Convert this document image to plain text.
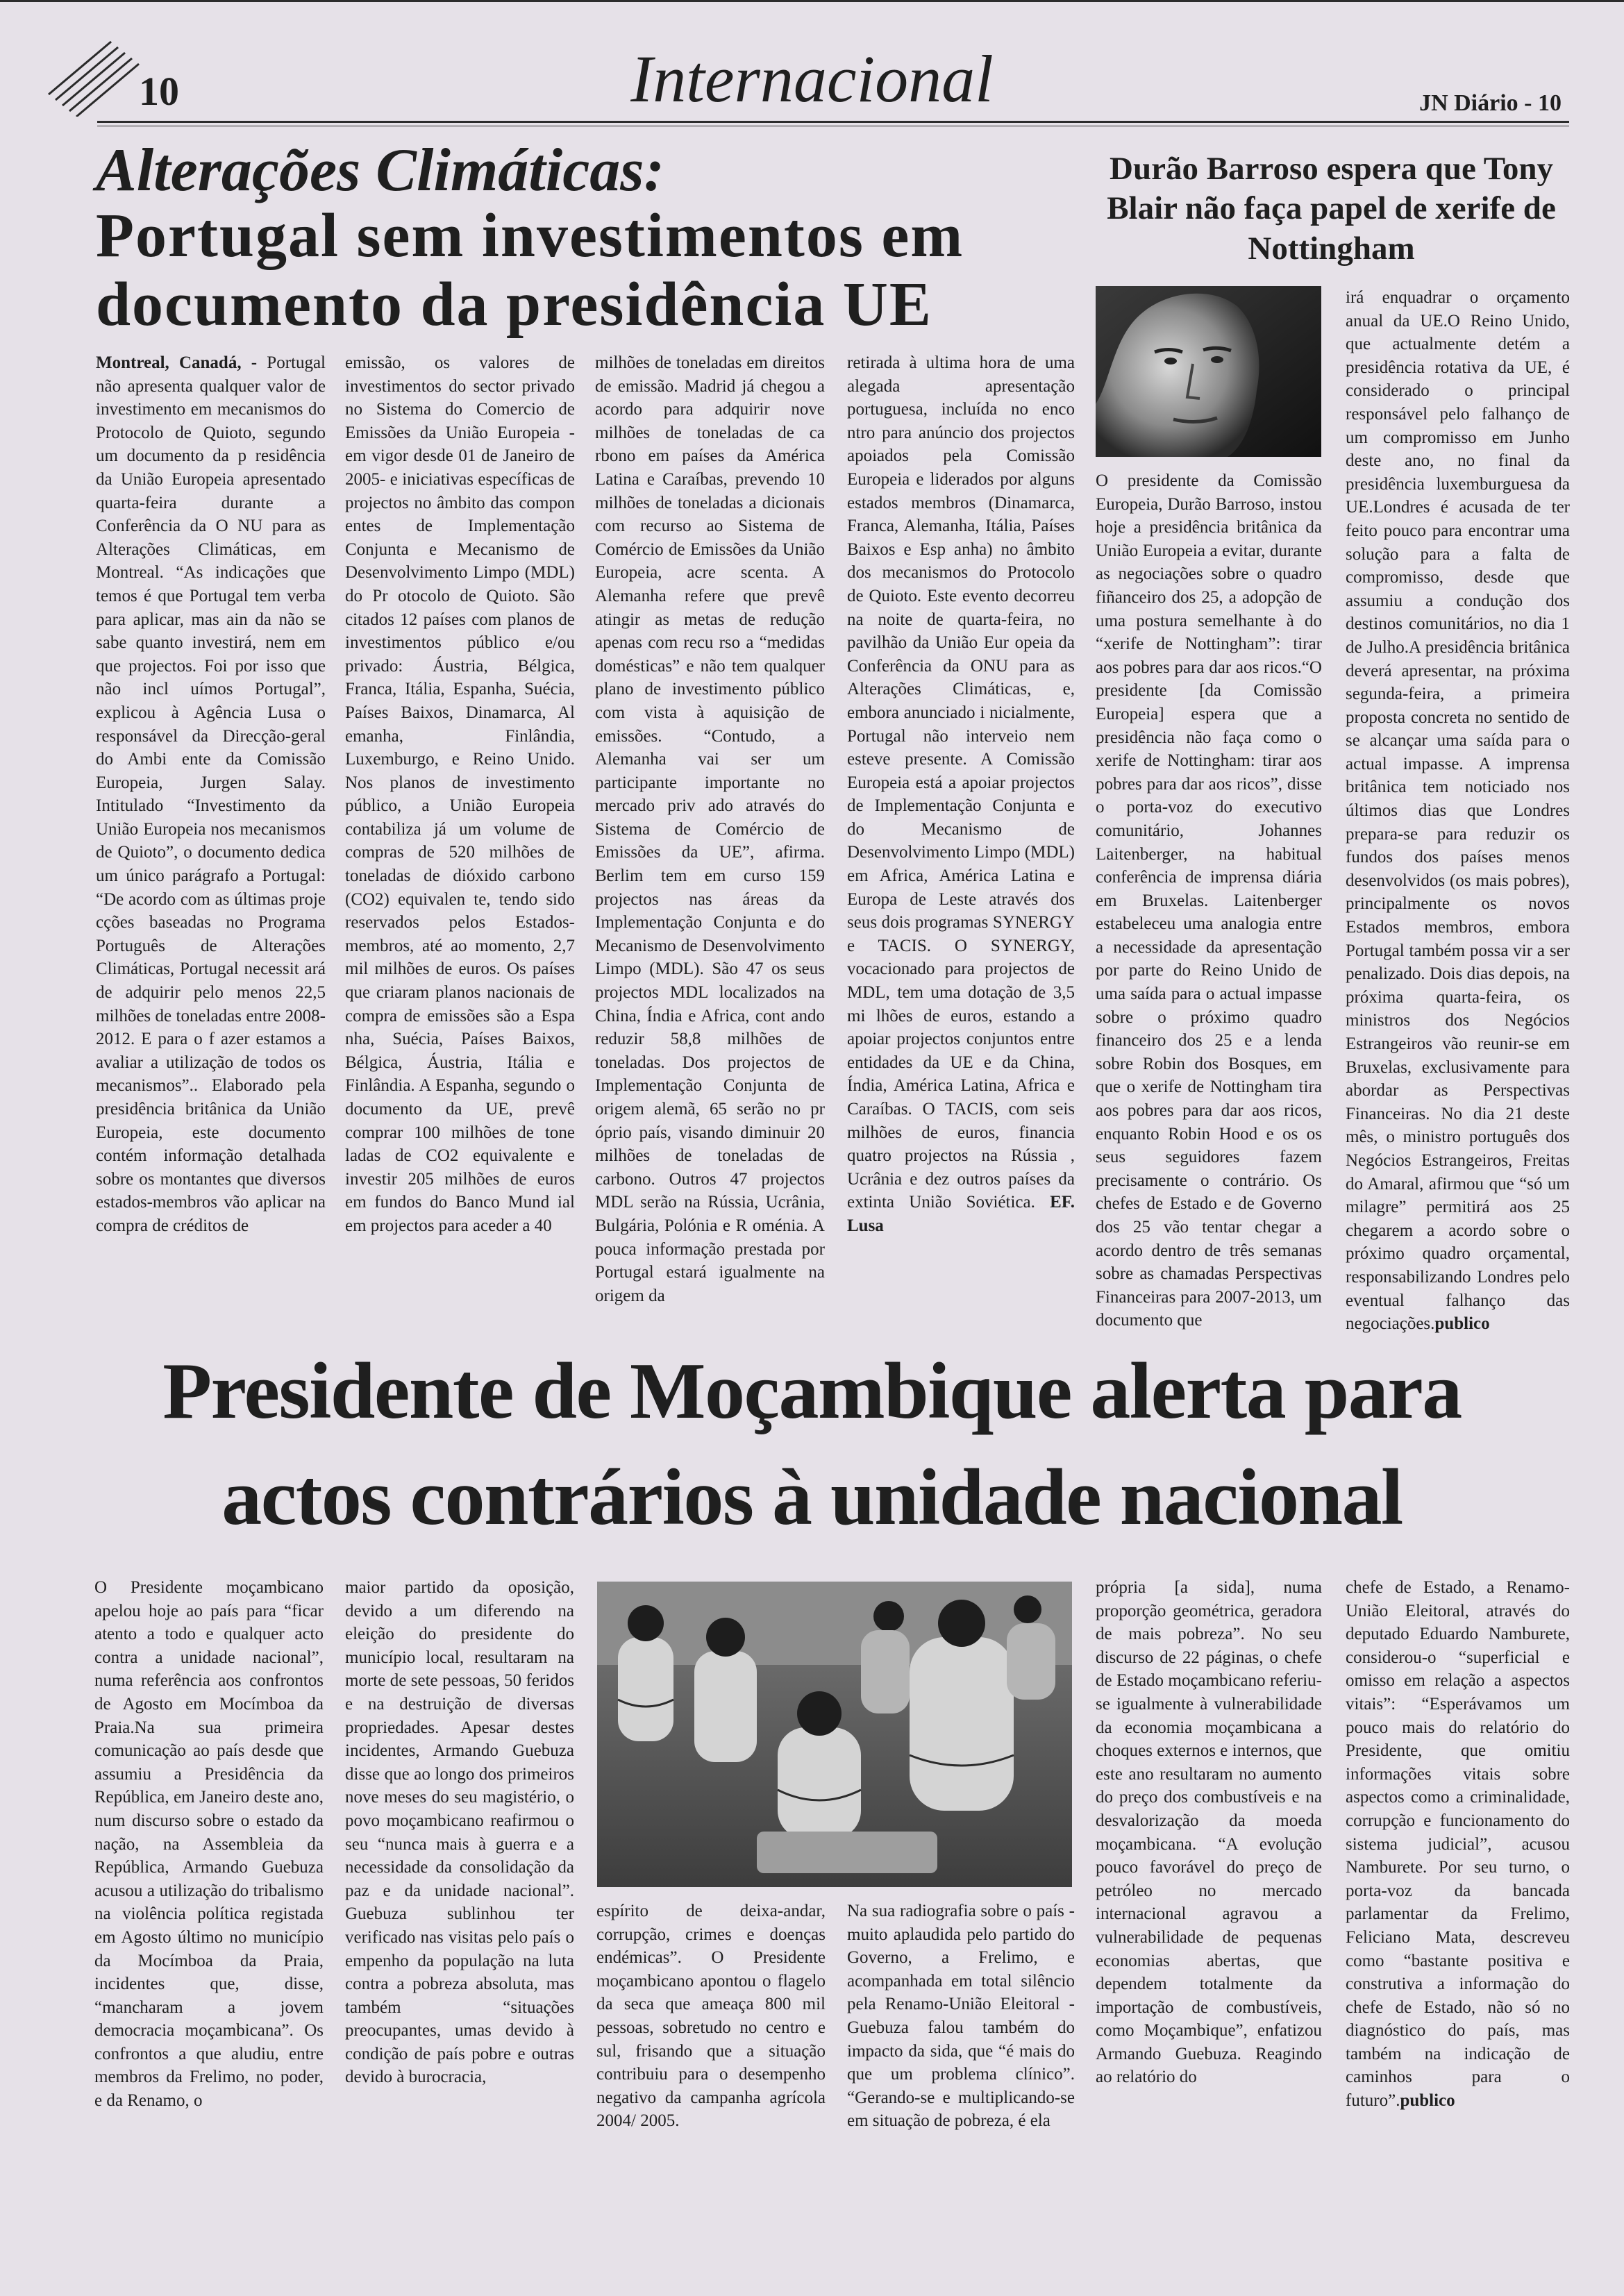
10	Internacional	JN Diário - 10
Alterações Climáticas:
Portugal sem investimentos em documento da presidência UE

Montreal, Canadá, - Portugal não apresenta qualquer valor de investimento em mecanismos do Protocolo de Quioto, segundo um documento da p residência da União Europeia apresentado quarta-feira durante a Conferência da O NU para as Alterações Climáticas, em Montreal. “As indicações que temos é que Portugal tem verba para aplicar, mas ain da não se sabe quanto investirá, nem em que projectos. Foi por isso que não incl uímos Portugal”, explicou à Agência Lusa o responsável da Direcção-geral do Ambi ente da Comissão Europeia, Jurgen Salay. Intitulado “Investimento da União Europeia nos mecanismos de Quioto”, o documento dedica um único parágrafo a Portugal: “De acordo com as últimas proje cções baseadas no Programa Português de Alterações Climáticas, Portugal necessit ará de adquirir pelo menos 22,5 milhões de toneladas entre 2008-2012. E para o f azer estamos a avaliar a utilização de todos os mecanismos”.. Elaborado pela presidência britânica da União Europeia, este documento contém informação detalhada sobre os montantes que diversos estados-membros vão aplicar na compra de créditos de

emissão, os valores de investimentos do sector privado no Sistema do Comercio de Emissões da União Europeia - em vigor desde 01 de Janeiro de 2005- e iniciativas específicas de projectos no âmbito das compon entes de Implementação Conjunta e Mecanismo de Desenvolvimento Limpo (MDL) do Pr otocolo de Quioto. São citados 12 países com planos de investimentos público e/ou privado: Áustria, Bélgica, Franca, Itália, Espanha, Suécia, Países Baixos, Dinamarca, Al emanha, Finlândia, Luxemburgo, e Reino Unido. Nos planos de investimento público, a União Europeia contabiliza já um volume de compras de 520 milhões de toneladas de dióxido carbono (CO2) equivalen te, tendo sido reservados pelos Estados-membros, até ao momento, 2,7 mil milhões de euros. Os países que criaram planos nacionais de compra de emissões são a Espa nha, Suécia, Países Baixos, Bélgica, Áustria, Itália e Finlândia. A Espanha, segundo o documento da UE, prevê comprar 100 milhões de tone ladas de CO2 equivalente e investir 205 milhões de euros em fundos do Banco Mund ial em projectos para aceder a 40

milhões de toneladas em direitos de emissão. Madrid já chegou a acordo para adquirir nove milhões de toneladas de ca rbono em países da América Latina e Caraíbas, prevendo 10 milhões de toneladas a dicionais com recurso ao Sistema de Comércio de Emissões da União Europeia, acre scenta. A Alemanha refere que prevê atingir as metas de redução apenas com recu rso a “medidas domésticas” e não tem qualquer plano de investimento público com vista à aquisição de emissões. “Contudo, a Alemanha vai ser um participante importante no mercado priv ado através do Sistema de Comércio de Emissões da UE”, afirma. Berlim tem em curso 159 projectos nas áreas da Implementação Conjunta e do Mecanismo de Desenvolvimento Limpo (MDL). São 47 os seus projectos MDL localizados na China, Índia e Africa, cont ando reduzir 58,8 milhões de toneladas. Dos projectos de Implementação Conjunta de origem alemã, 65 serão no pr óprio país, visando diminuir 20 milhões de toneladas de carbono. Outros 47 projectos MDL serão na Rússia, Ucrânia, Bulgária, Polónia e R oménia. A pouca informação prestada por Portugal estará igualmente na origem da

retirada à ultima hora de uma alegada apresentação portuguesa, incluída no enco ntro para anúncio dos projectos apoiados pela Comissão Europeia e liderados por alguns estados membros (Dinamarca, Franca, Alemanha, Itália, Países Baixos e Esp anha) no âmbito dos mecanismos do Protocolo de Quioto. Este evento decorreu na noite de quarta-feira, no pavilhão da União Eur opeia da Conferência da ONU para as Alterações Climáticas, e, embora anunciado i nicialmente, Portugal não interveio nem esteve presente. A Comissão Europeia está a apoiar projectos de Implementação Conjunta e do Mecanismo de Desenvolvimento Limpo (MDL) em Africa, América Latina e Europa de Leste através dos seus dois programas SYNERGY e TACIS. O SYNERGY, vocacionado para projectos de MDL, tem uma dotação de 3,5 mi lhões de euros, estando a apoiar projectos conjuntos entre entidades da UE e da China, Índia, América Latina, Africa e Caraíbas. O TACIS, com seis milhões de euros, financia quatro projectos na Rússia , Ucrânia e dez outros países da extinta União Soviética. EF. Lusa

Durão Barroso espera que Tony Blair não faça papel de xerife de Nottingham

O presidente da Comissão Europeia, Durão Barroso, instou hoje a presidência britânica da União Europeia a evitar, durante as negociações sobre o quadro fiñanceiro dos 25, a adopção de uma postura semelhante à do “xerife de Nottingham”: tirar aos pobres para dar aos ricos.“O presidente [da Comissão Europeia] espera que a presidência não faça como o xerife de Nottingham: tirar aos pobres para dar aos ricos”, disse o porta-voz do executivo comunitário, Johannes Laitenberger, na habitual conferência de imprensa diária em Bruxelas. Laitenberger estabeleceu uma analogia entre a necessidade da apresentação por parte do Reino Unido de uma saída para o actual impasse sobre o próximo quadro financeiro dos 25 e a lenda sobre Robin dos Bosques, em que o xerife de Nottingham tira aos pobres para dar aos ricos, enquanto Robin Hood e os os seus seguidores fazem precisamente o contrário. Os chefes de Estado e de Governo dos 25 vão tentar chegar a acordo dentro de três semanas sobre as chamadas Perspectivas Financeiras para 2007-2013, um documento que

irá enquadrar o orçamento anual da UE.O Reino Unido, que actualmente detém a presidência rotativa da UE, é considerado o principal responsável pelo falhanço de um compromisso em Junho deste ano, no final da presidência luxemburguesa da UE.Londres é acusada de ter feito pouco para encontrar uma solução para a falta de compromisso, desde que assumiu a condução dos destinos comunitários, no dia 1 de Julho.A presidência britânica deverá apresentar, na próxima segunda-feira, a primeira proposta concreta no sentido de se alcançar uma saída para o actual impasse. A imprensa britânica tem noticiado nos últimos dias que Londres prepara-se para reduzir os fundos dos países menos desenvolvidos (os mais pobres), principalmente os novos Estados membros, embora Portugal também possa vir a ser penalizado. Dois dias depois, na próxima quarta-feira, os ministros dos Negócios Estrangeiros vão reunir-se em Bruxelas, exclusivamente para abordar as Perspectivas Financeiras. No dia 21 deste mês, o ministro português dos Negócios Estrangeiros, Freitas do Amaral, afirmou que “só um milagre” permitirá aos 25 chegarem a acordo sobre o próximo quadro orçamental, responsabilizando Londres pelo eventual falhanço das negociações.publico

Presidente de Moçambique alerta para
actos contrários à unidade nacional

O Presidente moçambicano apelou hoje ao país para “ficar atento a todo e qualquer acto contra a unidade nacional”, numa referência aos confrontos de Agosto em Mocímboa da Praia.Na sua primeira comunicação ao país desde que assumiu a Presidência da República, em Janeiro deste ano, num discurso sobre o estado da nação, na Assembleia da República, Armando Guebuza acusou a utilização do tribalismo na violência política registada em Agosto último no município da Mocímboa da Praia, incidentes que, disse, “mancharam a jovem democracia moçambicana”. Os confrontos a que aludiu, entre membros da Frelimo, no poder, e da Renamo, o

maior partido da oposição, devido a um diferendo na eleição do presidente do município local, resultaram na morte de sete pessoas, 50 feridos e na destruição de diversas propriedades. Apesar destes incidentes, Armando Guebuza disse que ao longo dos primeiros nove meses do seu magistério, o povo moçambicano reafirmou o seu “nunca mais à guerra e a necessidade da consolidação da paz e da unidade nacional”. Guebuza sublinhou ter verificado nas visitas pelo país o empenho da população na luta contra a pobreza absoluta, mas também “situações preocupantes, umas devido à condição de país pobre e outras devido à burocracia,

espírito de deixa-andar, corrupção, crimes e doenças endémicas”. O Presidente moçambicano apontou o flagelo da seca que ameaça 800 mil pessoas, sobretudo no centro e sul, frisando que a situação contribuiu para o desempenho negativo da campanha agrícola 2004/ 2005.

Na sua radiografia sobre o país - muito aplaudida pelo partido do Governo, a Frelimo, e acompanhada em total silêncio pela Renamo-União Eleitoral - Guebuza falou também do impacto da sida, que “é mais do que um problema clínico”. “Gerando-se e multiplicando-se em situação de pobreza, é ela

própria [a sida], numa proporção geométrica, geradora de mais pobreza”. No seu discurso de 22 páginas, o chefe de Estado moçambicano referiu-se igualmente à vulnerabilidade da economia moçambicana a choques externos e internos, que este ano resultaram no aumento do preço dos combustíveis e na desvalorização da moeda moçambicana. “A evolução pouco favorável do preço de petróleo no mercado internacional agravou a vulnerabilidade de pequenas economias abertas, que dependem totalmente da importação de combustíveis, como Moçambique”, enfatizou Armando Guebuza. Reagindo ao relatório do

chefe de Estado, a Renamo-União Eleitoral, através do deputado Eduardo Namburete, considerou-o “superficial e omisso em relação a aspectos vitais”: “Esperávamos um pouco mais do relatório do Presidente, que omitiu informações vitais sobre aspectos como a criminalidade, corrupção e funcionamento do sistema judicial”, acusou Namburete. Por seu turno, o porta-voz da bancada parlamentar da Frelimo, Feliciano Mata, descreveu como “bastante positiva e construtiva a informação do chefe de Estado, não só no diagnóstico do país, mas também na indicação de caminhos para o futuro”.publico
